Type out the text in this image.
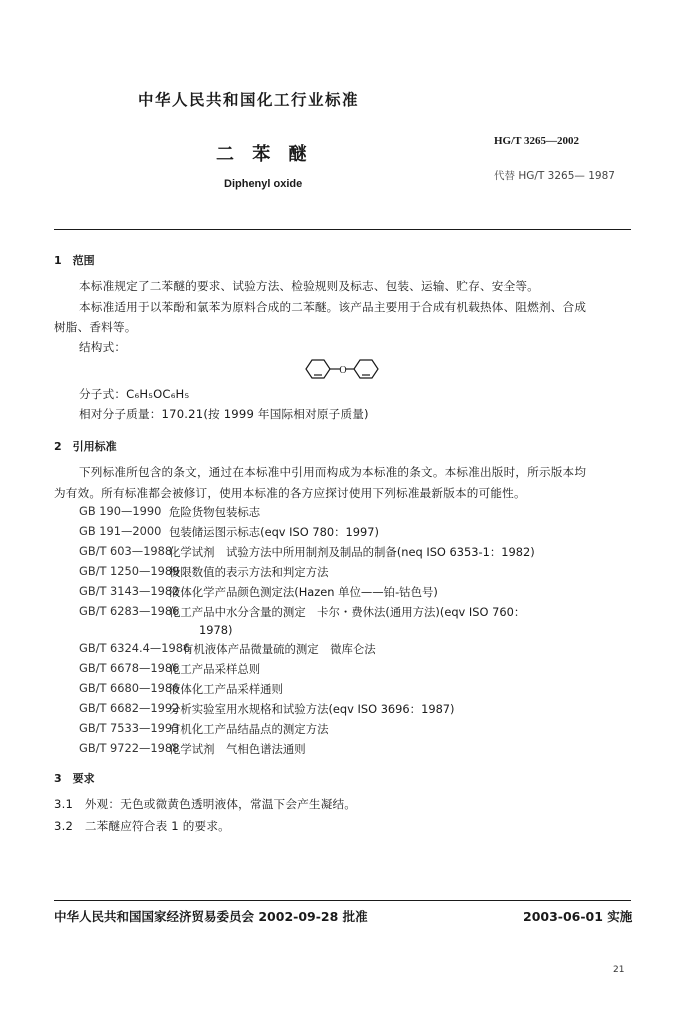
中华人民共和国化工行业标准
HG/T 3265—2002
二 苯 醚
代替 HG/T 3265— 1987
Diphenyl oxide
1　范围
本标准规定了二苯醚的要求、试验方法、检验规则及标志、包装、运输、贮存、安全等。
本标准适用于以苯酚和氯苯为原料合成的二苯醚。该产品主要用于合成有机载热体、阻燃剂、合成
树脂、香料等。
结构式：
O
分子式：C₆H₅OC₆H₅
相对分子质量：170.21(按 1999 年国际相对原子质量)
2　引用标准
下列标准所包含的条文，通过在本标准中引用而构成为本标准的条文。本标准出版时，所示版本均
为有效。所有标准都会被修订，使用本标准的各方应探讨使用下列标准最新版本的可能性。
GB 190—1990 危险货物包装标志
GB 191—2000 包装储运图示标志(eqv ISO 780：1997)
GB/T 603—1988
化学试剂　试验方法中所用制剂及制品的制备(neq ISO 6353-1：1982)
GB/T 1250—1989
极限数值的表示方法和判定方法
GB/T 3143—1982
液体化学产品颜色测定法(Hazen 单位——铂-钴色号)
GB/T 6283—1986
化工产品中水分含量的测定　卡尔・费休法(通用方法)(eqv ISO 760：
1978)
GB/T 6324.4—1986
有机液体产品微量硫的测定　微库仑法
GB/T 6678—1986
化工产品采样总则
GB/T 6680—1986
液体化工产品采样通则
GB/T 6682—1992
分析实验室用水规格和试验方法(eqv ISO 3696：1987)
GB/T 7533—1993
有机化工产品结晶点的测定方法
GB/T 9722—1988
化学试剂　气相色谱法通则
3　要求
3.1　外观：无色或微黄色透明液体，常温下会产生凝结。
3.2　二苯醚应符合表 1 的要求。
中华人民共和国国家经济贸易委员会 2002-09-28 批准	2003-06-01 实施
21
